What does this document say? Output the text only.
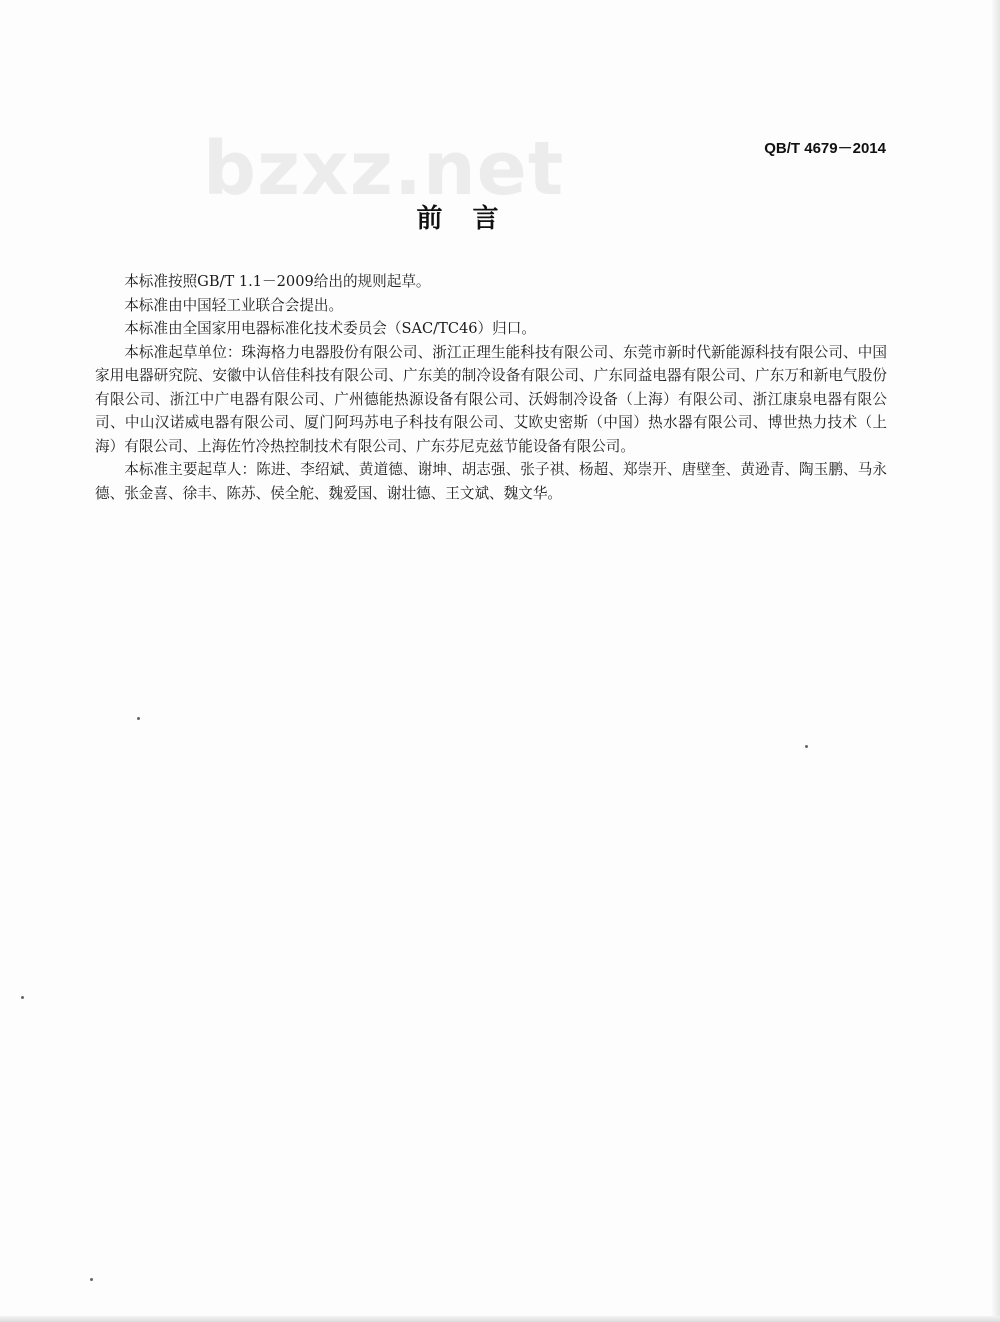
bzxz.net	QB/T 4679－2014
前言

本标准按照GB/T 1.1－2009给出的规则起草。

本标准由中国轻工业联合会提出。

本标准由全国家用电器标准化技术委员会（SAC/TC46）归口。

本标准起草单位：珠海格力电器股份有限公司、浙江正理生能科技有限公司、东莞市新时代新能源科技有限公司、中国家用电器研究院、安徽中认倍佳科技有限公司、广东美的制冷设备有限公司、广东同益电器有限公司、广东万和新电气股份有限公司、浙江中广电器有限公司、广州德能热源设备有限公司、沃姆制冷设备（上海）有限公司、浙江康泉电器有限公司、中山汉诺威电器有限公司、厦门阿玛苏电子科技有限公司、艾欧史密斯（中国）热水器有限公司、博世热力技术（上海）有限公司、上海佐竹冷热控制技术有限公司、广东芬尼克兹节能设备有限公司。

本标准主要起草人：陈进、李绍斌、黄道德、谢坤、胡志强、张子祺、杨超、郑崇开、唐壁奎、黄逊青、陶玉鹏、马永德、张金喜、徐丰、陈苏、侯全舵、魏爱国、谢壮德、王文斌、魏文华。
